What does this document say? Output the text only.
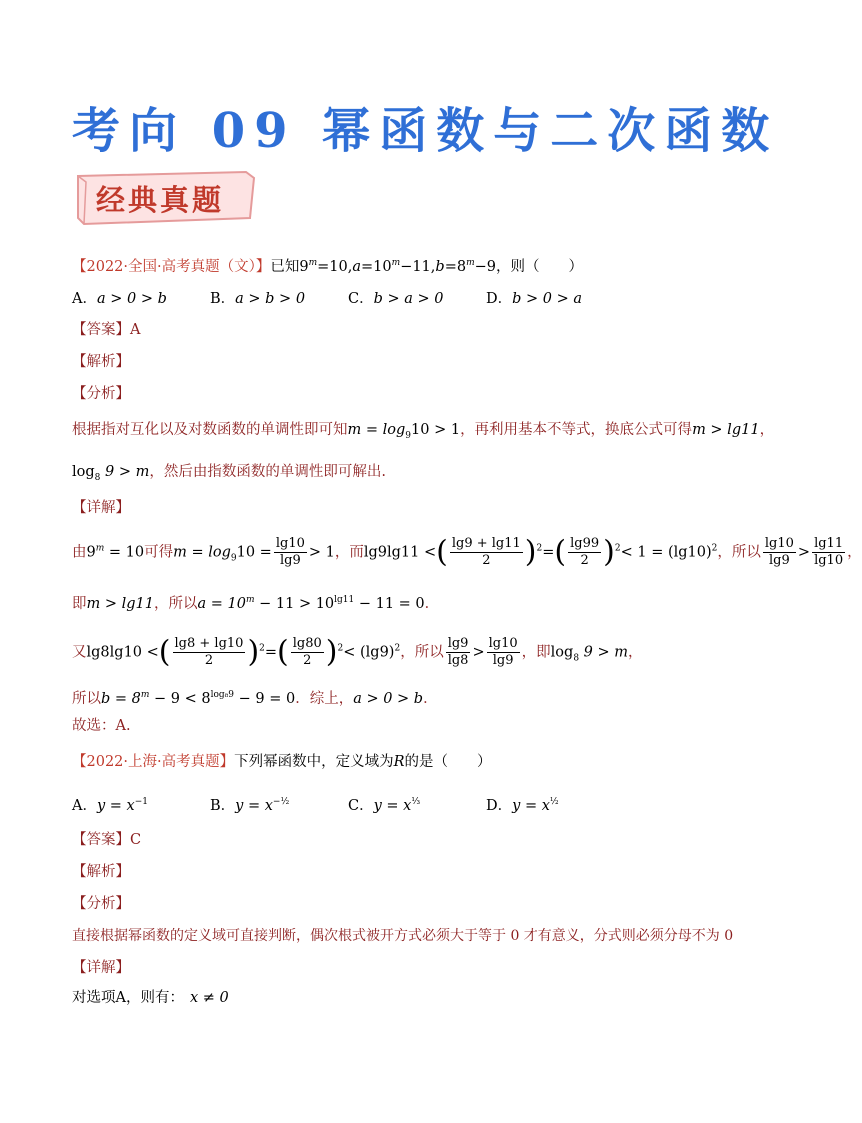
考向 09 幂函数与二次函数
经典真题
【2022·全国·高考真题（文）】已知$9^m=10,a=10^m-11,b=8^m-9$，则（　　）
A．a > 0 > b	B．a > b > 0	C．b > a > 0	D．b > 0 > a
【答案】A
【解析】
【分析】
根据指对互化以及对数函数的单调性即可知$m = \log_910 > 1$，再利用基本不等式，换底公式可得m > lg11，
$\log_8 9 > m$，然后由指数函数的单调性即可解出.
【详解】
由$9^m = 10$可得$m = \log_910 = \frac{\lg 10}{\lg 9} > 1$，而lg9lg11 <( $\frac{\lg 9 + \lg 11}{2} )^2=( \frac{\lg 99}{2} )^2< 1 = (\lg 10)^2$，所以 $\frac{\lg 10}{\lg 9} > \frac{\lg 11}{\lg 10}$ ，
即m > lg11，所以$a = 10^m - 11 > 10^{lg11} - 11 = 0$．
又lg8lg10 <( $\frac{\lg 8 + \lg 10}{2} )^2=( \frac{\lg 80}{2} )^2< (\lg 9)^2$，所以 $\frac{\lg 9}{\lg 8} > \frac{\lg 10}{\lg 9}$ ，即$\log_8 9 > m$，
所以$b = 8^m - 9 < 8^{log_89} - 9 = 0$．综上，a > 0 > b．
故选：A.
【2022·上海·高考真题】下列幂函数中，定义域为R的是（　　）
A．$y = x^{-1}$	B．$y = x^{-\frac{1}{2}}$	C．$y = x^{\frac{1}{3}}$	D．$y = x^{\frac{1}{2}}$
【答案】C
【解析】
【分析】
直接根据幂函数的定义域可直接判断，偶次根式被开方式必须大于等于 0 才有意义，分式则必须分母不为 0
【详解】
对选项A，则有： x ≠ 0
